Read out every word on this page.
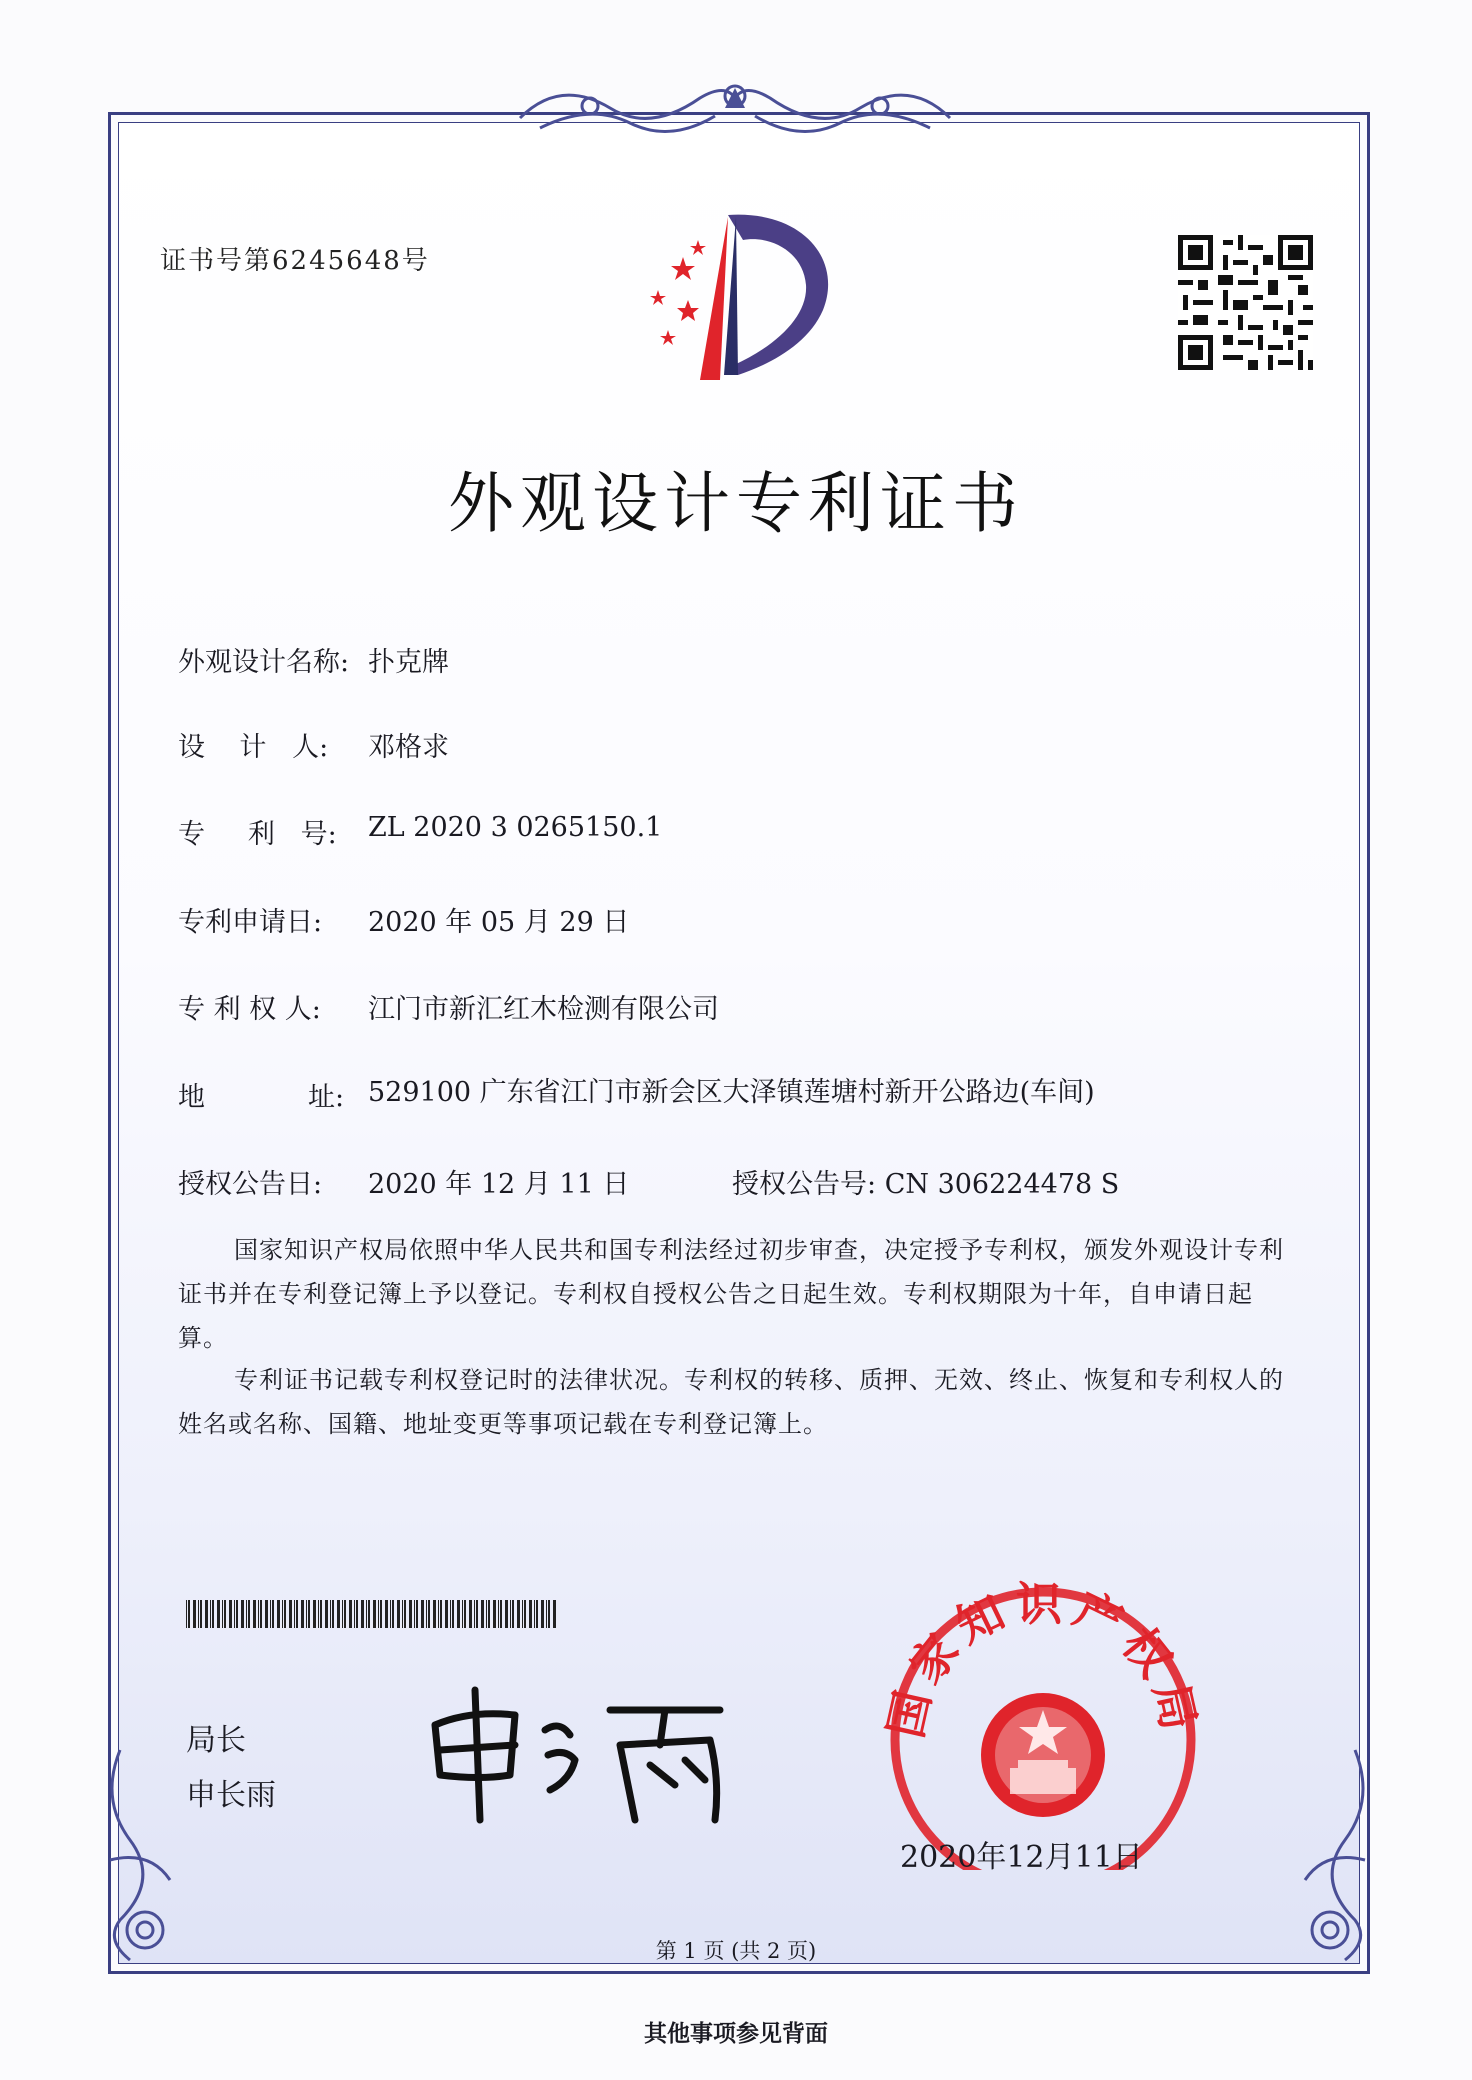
证书号第6245648号
外观设计专利证书
外观设计名称: 扑克牌
设    计   人: 邓格求
专     利   号: ZL 2020 3 0265150.1
专利申请日: 2020 年 05 月 29 日
专 利 权 人: 江门市新汇红木检测有限公司
地            址: 529100 广东省江门市新会区大泽镇莲塘村新开公路边(车间)
授权公告日: 2020 年 12 月 11 日	授权公告号: CN 306224478 S
国家知识产权局依照中华人民共和国专利法经过初步审查，决定授予专利权，颁发外观设计专利证书并在专利登记簿上予以登记。专利权自授权公告之日起生效。专利权期限为十年，自申请日起算。
专利证书记载专利权登记时的法律状况。专利权的转移、质押、无效、终止、恢复和专利权人的姓名或名称、国籍、地址变更等事项记载在专利登记簿上。
局长
申长雨
国家知识产权局
2020年12月11日
第 1 页 (共 2 页)
其他事项参见背面
